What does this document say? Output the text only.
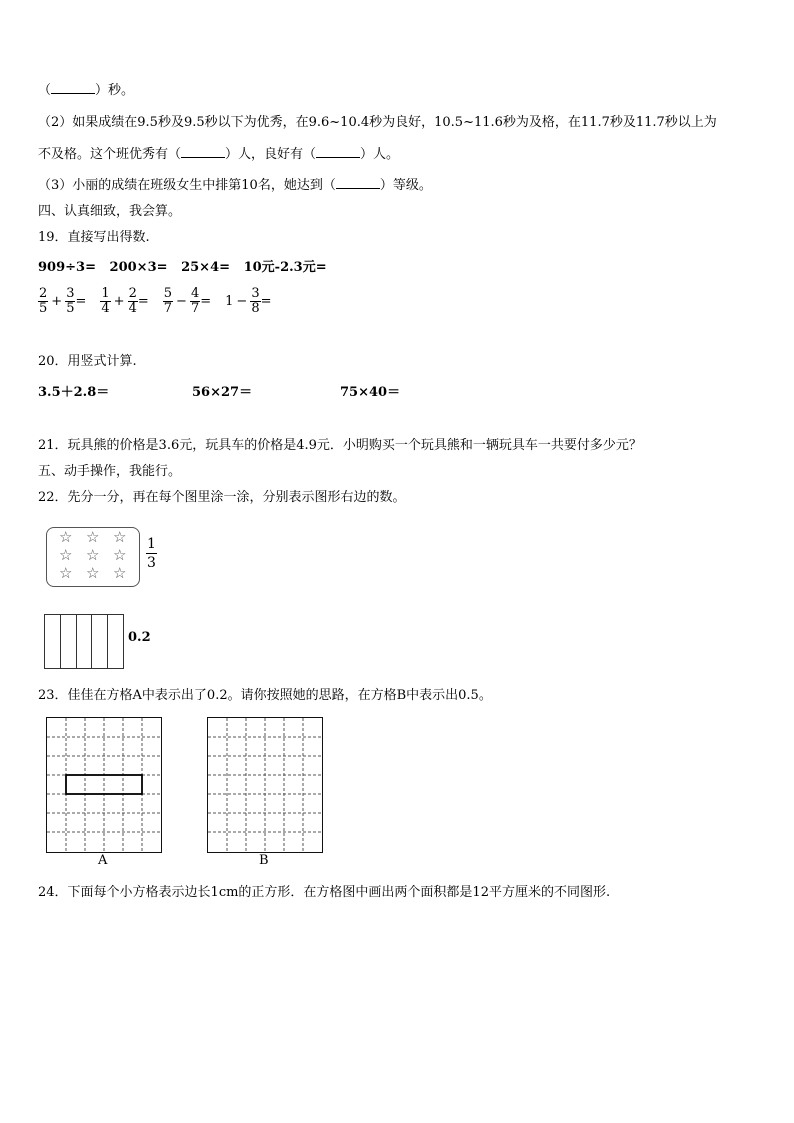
（	）秒。
（2）如果成绩在9.5秒及9.5秒以下为优秀，在9.6~10.4秒为良好，10.5~11.6秒为及格，在11.7秒及11.7秒以上为
不及格。这个班优秀有（	）人，良好有（	）人。
（3）小丽的成绩在班级女生中排第10名，她达到（	）等级。
四、认真细致，我会算。
19．直接写出得数.
909÷3=   200×3=   25×4=   10元-2.3元=
$\frac{2}{5} + \frac{3}{5} = \frac{1}{4} + \frac{2}{4} = \frac{5}{7} - \frac{4}{7} = 1 - \frac{3}{8}$ =
20．用竖式计算.
3.5＋2.8＝	56×27＝	75×40＝
21．玩具熊的价格是3.6元，玩具车的价格是4.9元．小明购买一个玩具熊和一辆玩具车一共要付多少元？
五、动手操作，我能行。
22．先分一分，再在每个图里涂一涂，分别表示图形右边的数。
☆ ☆ ☆
☆ ☆ ☆
☆ ☆ ☆
$\frac{1}{3}$
0.2
23．佳佳在方格A中表示出了0.2。请你按照她的思路，在方格B中表示出0.5。
A	B
24．下面每个小方格表示边长1cm的正方形．在方格图中画出两个面积都是12平方厘米的不同图形.
